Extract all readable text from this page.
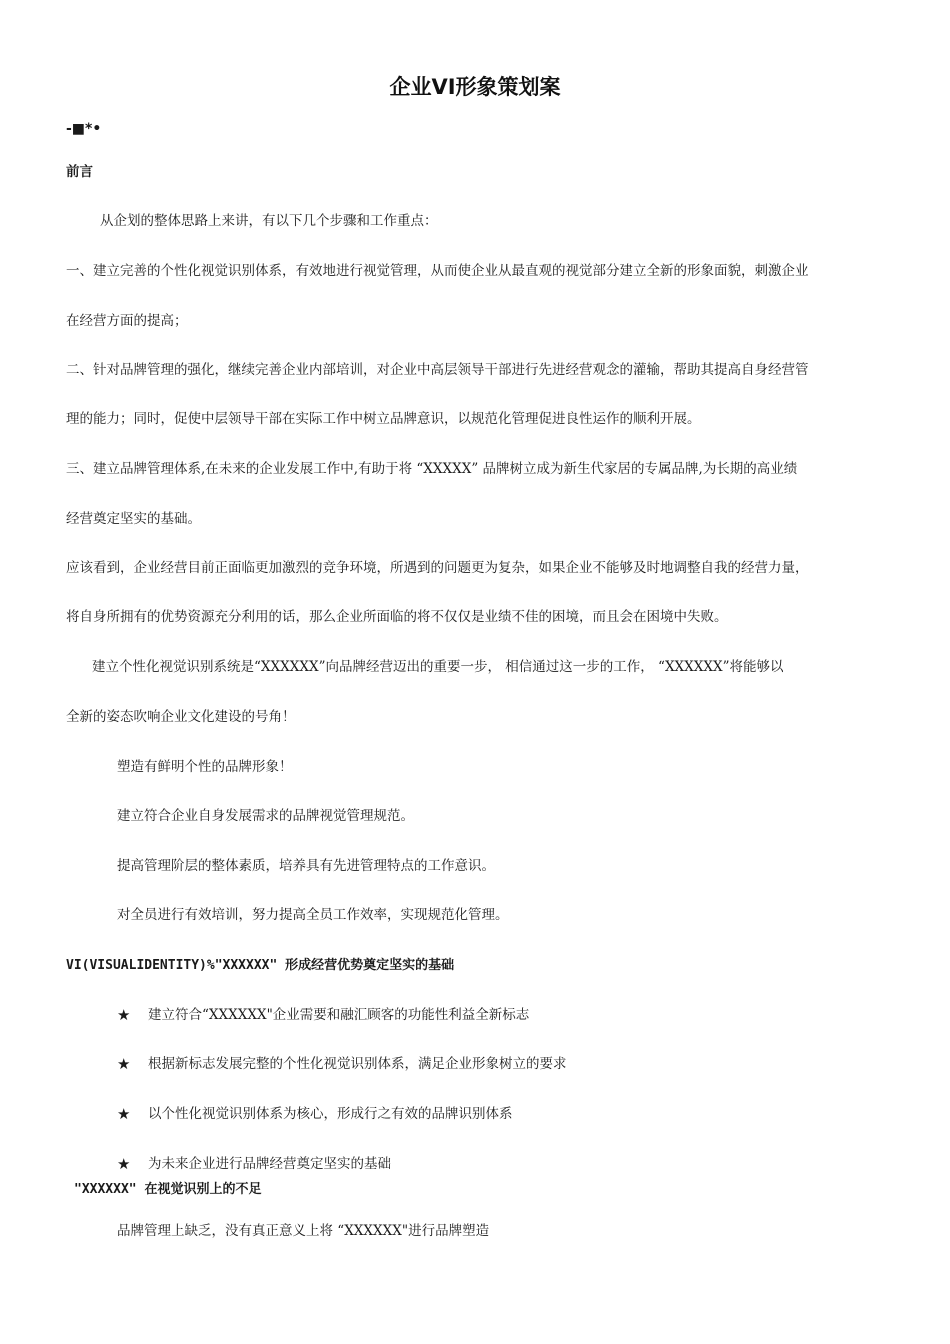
企业VI形象策划案
-■*•
前言
从企划的整体思路上来讲，有以下几个步骤和工作重点：
一、建立完善的个性化视觉识别体系，有效地进行视觉管理，从而使企业从最直观的视觉部分建立全新的形象面貌，刺激企业
在经营方面的提高；
二、针对品牌管理的强化，继续完善企业内部培训，对企业中高层领导干部进行先进经营观念的灌输，帮助其提高自身经营管
理的能力；同时，促使中层领导干部在实际工作中树立品牌意识，以规范化管理促进良性运作的顺利开展。
三、建立品牌管理体系,在未来的企业发展工作中,有助于将 “XXXXX” 品牌树立成为新生代家居的专属品牌,为长期的高业绩
经营奠定坚实的基础。
应该看到，企业经营目前正面临更加激烈的竞争环境，所遇到的问题更为复杂，如果企业不能够及时地调整自我的经营力量，
将自身所拥有的优势资源充分利用的话，那么企业所面临的将不仅仅是业绩不佳的困境，而且会在困境中失败。
建立个性化视觉识别系统是“XXXXXX”向品牌经营迈出的重要一步， 相信通过这一步的工作， “XXXXXX”将能够以
全新的姿态吹响企业文化建设的号角！
塑造有鲜明个性的品牌形象！
建立符合企业自身发展需求的品牌视觉管理规范。
提高管理阶层的整体素质，培养具有先进管理特点的工作意识。
对全员进行有效培训，努力提高全员工作效率，实现规范化管理。
VI(VISUALIDENTITY)%"XXXXXX" 形成经营优势奠定坚实的基础
★ 建立符合“XXXXXX"企业需要和融汇顾客的功能性利益全新标志
★ 根据新标志发展完整的个性化视觉识别体系，满足企业形象树立的要求
★ 以个性化视觉识别体系为核心，形成行之有效的品牌识别体系
★ 为未来企业进行品牌经营奠定坚实的基础
"XXXXXX" 在视觉识别上的不足
品牌管理上缺乏，没有真正意义上将 “XXXXXX"进行品牌塑造
